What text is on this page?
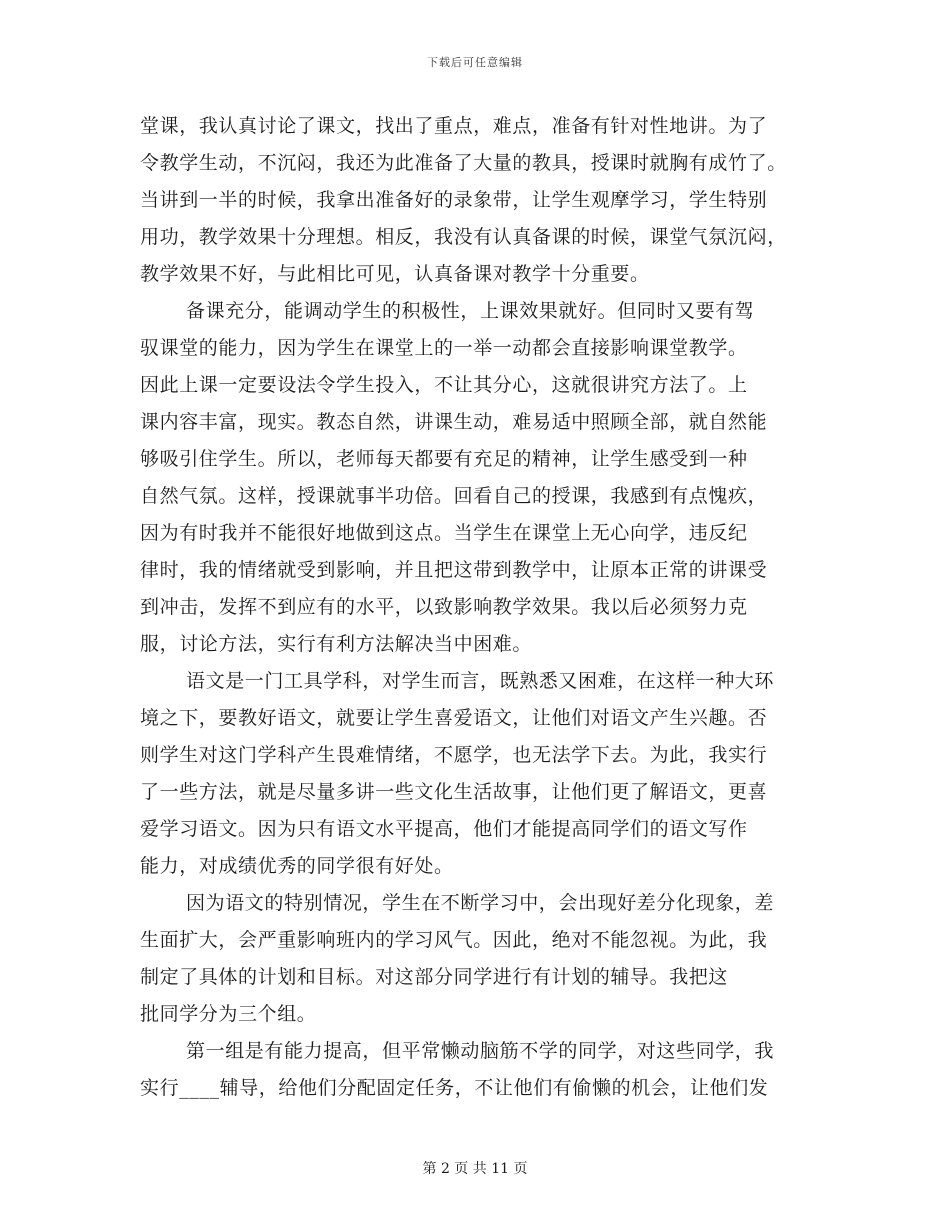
下载后可任意编辑
堂课，我认真讨论了课文，找出了重点，难点，准备有针对性地讲。为了
令教学生动，不沉闷，我还为此准备了大量的教具，授课时就胸有成竹了。
当讲到一半的时候，我拿出准备好的录象带，让学生观摩学习，学生特别
用功，教学效果十分理想。相反，我没有认真备课的时候，课堂气氛沉闷，
教学效果不好，与此相比可见，认真备课对教学十分重要。
备课充分，能调动学生的积极性，上课效果就好。但同时又要有驾
驭课堂的能力，因为学生在课堂上的一举一动都会直接影响课堂教学。
因此上课一定要设法令学生投入，不让其分心，这就很讲究方法了。上
课内容丰富，现实。教态自然，讲课生动，难易适中照顾全部，就自然能
够吸引住学生。所以，老师每天都要有充足的精神，让学生感受到一种
自然气氛。这样，授课就事半功倍。回看自己的授课，我感到有点愧疚，
因为有时我并不能很好地做到这点。当学生在课堂上无心向学，违反纪
律时，我的情绪就受到影响，并且把这带到教学中，让原本正常的讲课受
到冲击，发挥不到应有的水平，以致影响教学效果。我以后必须努力克
服，讨论方法，实行有利方法解决当中困难。
语文是一门工具学科，对学生而言，既熟悉又困难，在这样一种大环
境之下，要教好语文，就要让学生喜爱语文，让他们对语文产生兴趣。否
则学生对这门学科产生畏难情绪，不愿学，也无法学下去。为此，我实行
了一些方法，就是尽量多讲一些文化生活故事，让他们更了解语文，更喜
爱学习语文。因为只有语文水平提高，他们才能提高同学们的语文写作
能力，对成绩优秀的同学很有好处。
因为语文的特别情况，学生在不断学习中，会出现好差分化现象，差
生面扩大，会严重影响班内的学习风气。因此，绝对不能忽视。为此，我
制定了具体的计划和目标。对这部分同学进行有计划的辅导。我把这
批同学分为三个组。
第一组是有能力提高，但平常懒动脑筋不学的同学，对这些同学，我
实行____辅导，给他们分配固定任务，不让他们有偷懒的机会，让他们发
第 2 页 共 11 页
